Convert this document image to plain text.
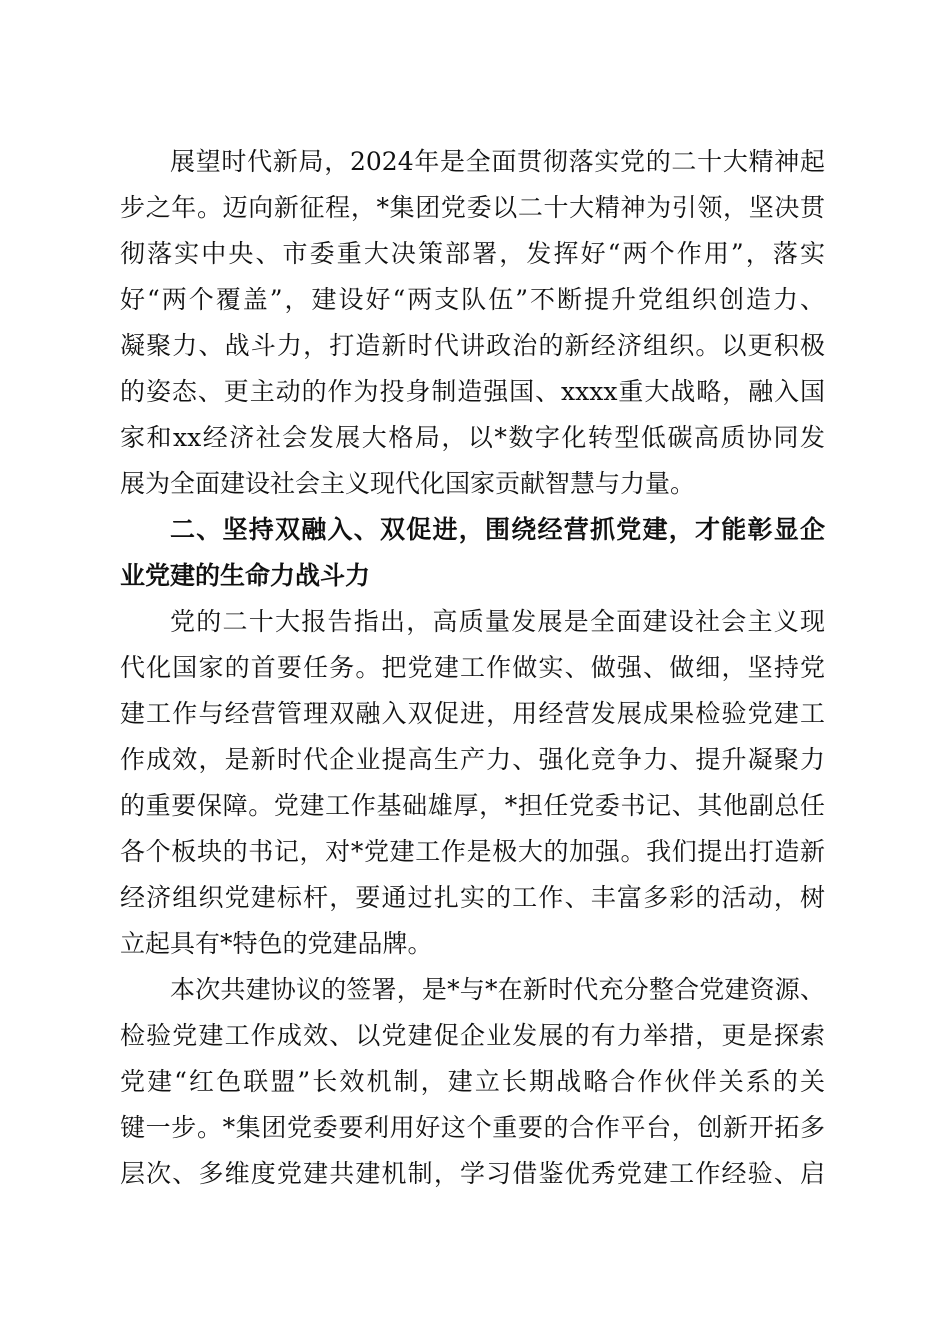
展望时代新局，2024年是全面贯彻落实党的二十大精神起
步之年。迈向新征程，*集团党委以二十大精神为引领，坚决贯
彻落实中央、市委重大决策部署，发挥好“两个作用”，落实
好“两个覆盖”，建设好“两支队伍”不断提升党组织创造力、
凝聚力、战斗力，打造新时代讲政治的新经济组织。以更积极
的姿态、更主动的作为投身制造强国、xxxx重大战略，融入国
家和xx经济社会发展大格局，以*数字化转型低碳高质协同发
展为全面建设社会主义现代化国家贡献智慧与力量。
二、坚持双融入、双促进，围绕经营抓党建，才能彰显企
业党建的生命力战斗力
党的二十大报告指出，高质量发展是全面建设社会主义现
代化国家的首要任务。把党建工作做实、做强、做细，坚持党
建工作与经营管理双融入双促进，用经营发展成果检验党建工
作成效，是新时代企业提高生产力、强化竞争力、提升凝聚力
的重要保障。党建工作基础雄厚，*担任党委书记、其他副总任
各个板块的书记，对*党建工作是极大的加强。我们提出打造新
经济组织党建标杆，要通过扎实的工作、丰富多彩的活动，树
立起具有*特色的党建品牌。
本次共建协议的签署，是*与*在新时代充分整合党建资源、
检验党建工作成效、以党建促企业发展的有力举措，更是探索
党建“红色联盟”长效机制，建立长期战略合作伙伴关系的关
键一步。*集团党委要利用好这个重要的合作平台，创新开拓多
层次、多维度党建共建机制，学习借鉴优秀党建工作经验、启
